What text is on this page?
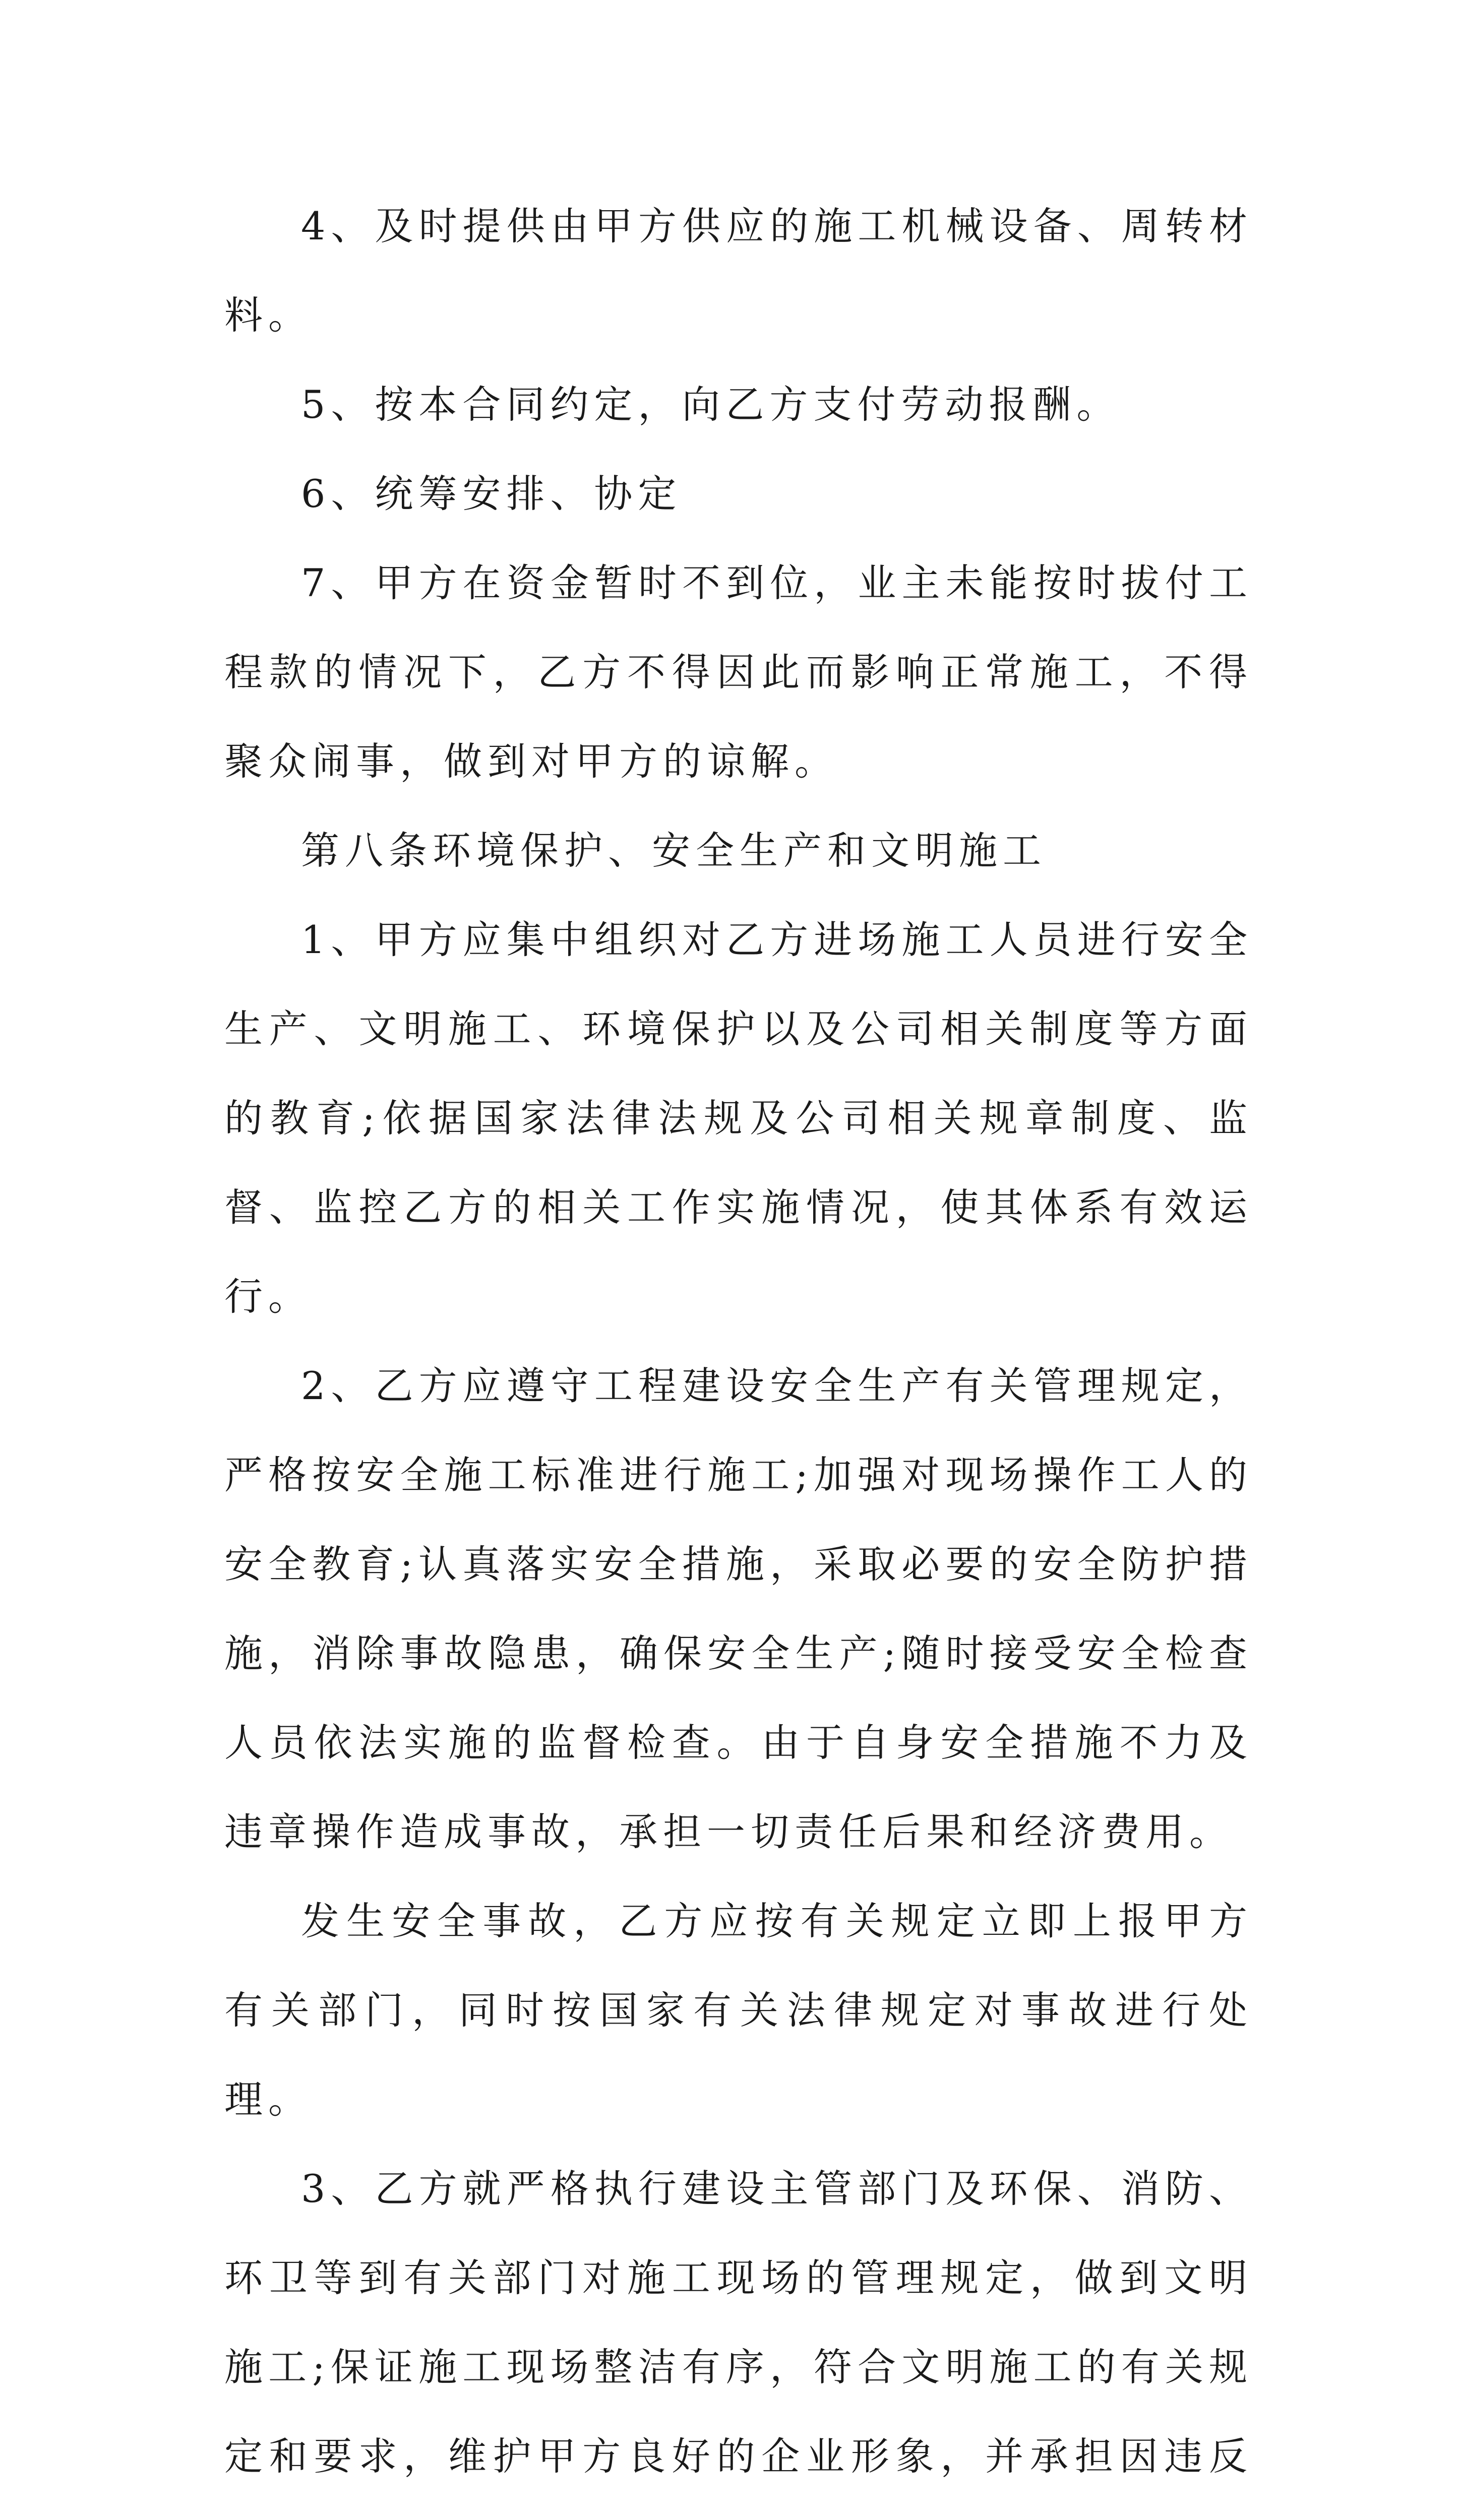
4、及时提供由甲方供应的施工机械设备、周转材料。

5、按本合同约定，向乙方支付劳动报酬。

6、统筹安排、协定

7、甲方在资金暂时不到位，业主未能按时拔付工程款的情况下，乙方不得因此而影响正常施工，不得聚众闹事，做到对甲方的谅解。

第八条环境保护、安全生产和文明施工

1、甲方应集中组织对乙方进场施工人员进行安全生产、文明施工、环境保护以及公司相关制度等方面的教育;依据国家法律法规及公司相关规章制度、监督、监控乙方的相关工作实施情况，使其体系有效运行。

2、乙方应遵守工程建设安全生产有关管理规定，严格按安全施工标准进行施工;加强对现场操作工人的安全教育;认真落实安全措施，采取必要的安全防护措施，消除事故隐患，确保安全生产;随时接受安全检查人员依法实施的监督检查。由于自身安全措施不力及违章操作造成事故，承担一切责任后果和经济费用。

发生安全事故，乙方应按有关规定立即上报甲方有关部门，同时按国家有关法律规定对事故进行处理。

3、乙方就严格执行建设主管部门及环保、消防、环卫等到有关部门对施工现场的管理规定，做到文明施工;保证施工现场整洁有序，符合文明施工的有关规定和要求，维护甲方良好的企业形象，并承担因违反
